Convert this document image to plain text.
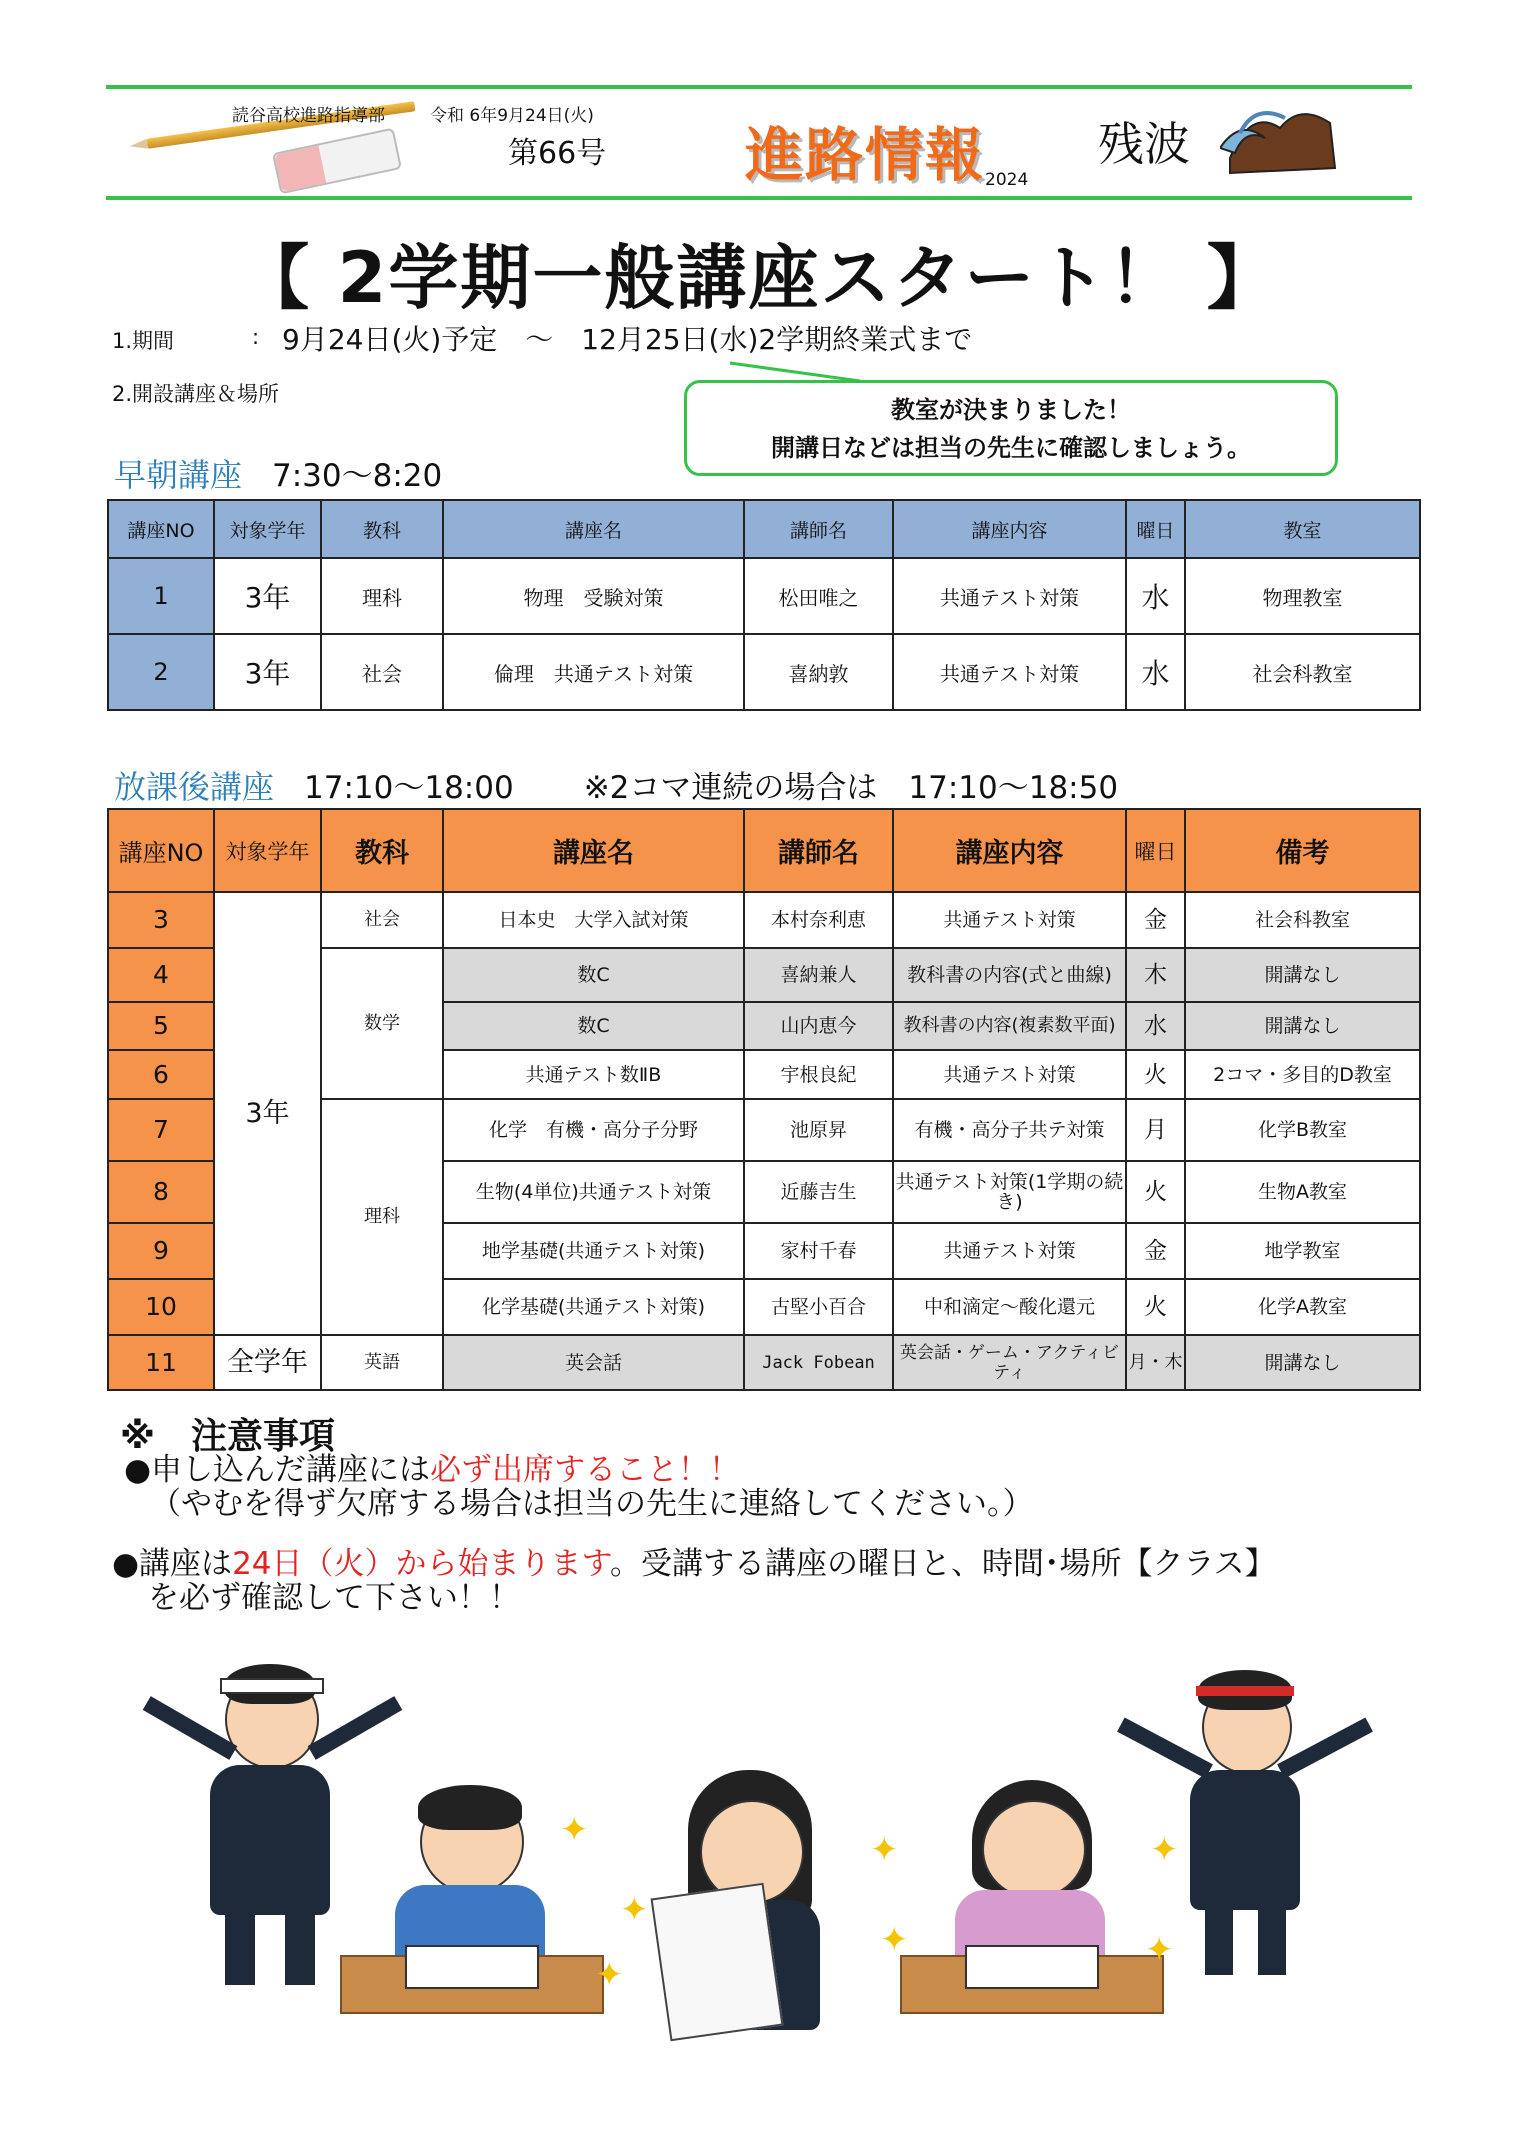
読谷高校進路指導部	令和 6年9月24日(火)
第66号 進路情報 2024
残波
【 2学期一般講座スタート！ 】
1.期間	: 9月24日(火)予定　～　12月25日(水)2学期終業式まで
2.開設講座＆場所
教室が決まりました！
開講日などは担当の先生に確認しましょう。
早朝講座 7:30～8:20
講座NO	対象学年	教科	講座名	講師名	講座内容	曜日	教室
1	3年	理科	物理　受験対策	松田唯之	共通テスト対策	水	物理教室
2	3年	社会	倫理　共通テスト対策	喜納敦	共通テスト対策	水	社会科教室
放課後講座 17:10～18:00 ※2コマ連続の場合は　17:10～18:50
講座NO	対象学年	教科	講座名	講師名	講座内容	曜日	備考
3	3年	社会	日本史　大学入試対策	本村奈利恵	共通テスト対策	金	社会科教室
4		数学	数C	喜納兼人	教科書の内容(式と曲線)	木	開講なし
5			数C	山内恵今	教科書の内容(複素数平面)	水	開講なし
6			共通テスト数ⅡB	宇根良紀	共通テスト対策	火	2コマ・多目的D教室
7		理科	化学　有機・高分子分野	池原昇	有機・高分子共テ対策	月	化学B教室
8			生物(4単位)共通テスト対策	近藤吉生	共通テスト対策(1学期の続き)	火	生物A教室
9			地学基礎(共通テスト対策)	家村千春	共通テスト対策	金	地学教室
10			化学基礎(共通テスト対策)	古堅小百合	中和滴定～酸化還元	火	化学A教室
11	全学年	英語	英会話	Jack Fobean	英会話・ゲーム・アクティビティ	月・木	開講なし
※　注意事項
●申し込んだ講座には必ず出席すること！！
（やむを得ず欠席する場合は担当の先生に連絡してください。）
●講座は24日（火）から始まります。受講する講座の曜日と、時間･場所【クラス】
を必ず確認して下さい！！
✦
✦
✦
✦
✦
✦
✦
